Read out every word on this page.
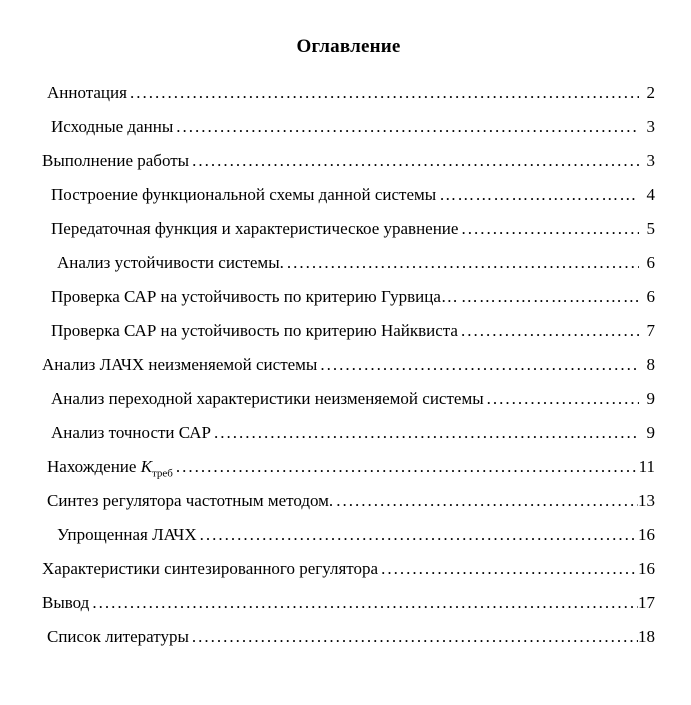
Оглавление
Аннотация .....	2
Исходные данны .....	3
Выполнение работы .....	3
Построение функциональной схемы данной системы ……………………………………………………………………………………	4
Передаточная функция и характеристическое уравнение .....	5
Анализ устойчивости системы. .....	6
Проверка САР на устойчивость по критерию Гурвица… ……………………………………………………………………………………	6
Проверка САР на устойчивость по критерию Найквиста .....	7
Анализ ЛАЧХ неизменяемой системы .....	8
Анализ переходной характеристики неизменяемой системы .....	9
Анализ точности САР .....	9
Нахождение $К_{треб}$ .....	11
Синтез регулятора частотным методом. .....	13
Упрощенная ЛАЧХ .....	16
Характеристики синтезированного регулятора .....	16
Вывод .....	17
Список литературы .....	18
